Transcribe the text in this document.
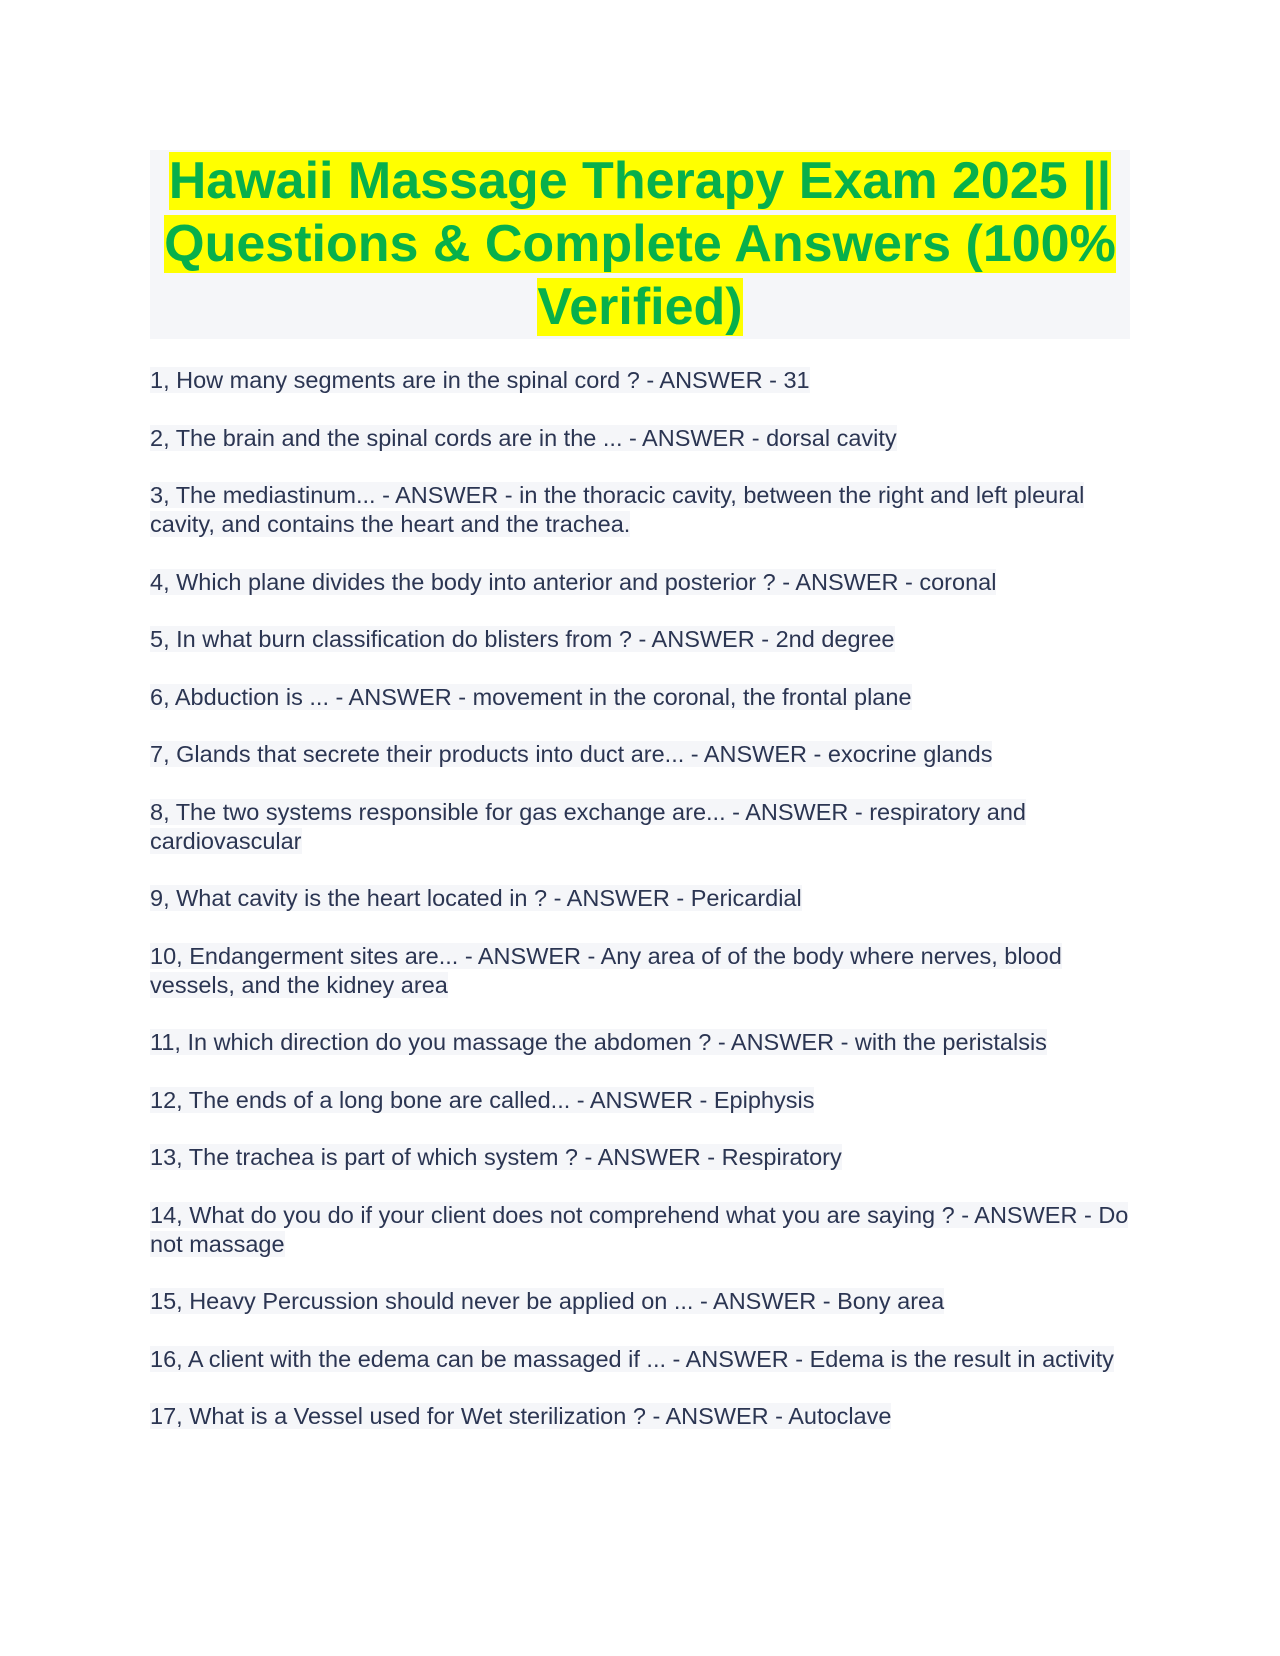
Hawaii Massage Therapy Exam 2025 || Questions & Complete Answers (100% Verified)
1, How many segments are in the spinal cord ? - ANSWER - 31
2, The brain and the spinal cords are in the ... - ANSWER - dorsal cavity
3, The mediastinum... - ANSWER - in the thoracic cavity, between the right and left pleural cavity, and contains the heart and the trachea.
4, Which plane divides the body into anterior and posterior ? - ANSWER - coronal
5, In what burn classification do blisters from ? - ANSWER - 2nd degree
6, Abduction is ... - ANSWER - movement in the coronal, the frontal plane
7, Glands that secrete their products into duct are... - ANSWER - exocrine glands
8, The two systems responsible for gas exchange are... - ANSWER - respiratory and cardiovascular
9, What cavity is the heart located in ? - ANSWER - Pericardial
10, Endangerment sites are... - ANSWER - Any area of of the body where nerves, blood vessels, and the kidney area
11, In which direction do you massage the abdomen ? - ANSWER - with the peristalsis
12, The ends of a long bone are called... - ANSWER - Epiphysis
13, The trachea is part of which system ? - ANSWER - Respiratory
14, What do you do if your client does not comprehend what you are saying ? - ANSWER - Do not massage
15, Heavy Percussion should never be applied on ... - ANSWER - Bony area
16, A client with the edema can be massaged if ... - ANSWER - Edema is the result in activity
17, What is a Vessel used for Wet sterilization ? - ANSWER - Autoclave
